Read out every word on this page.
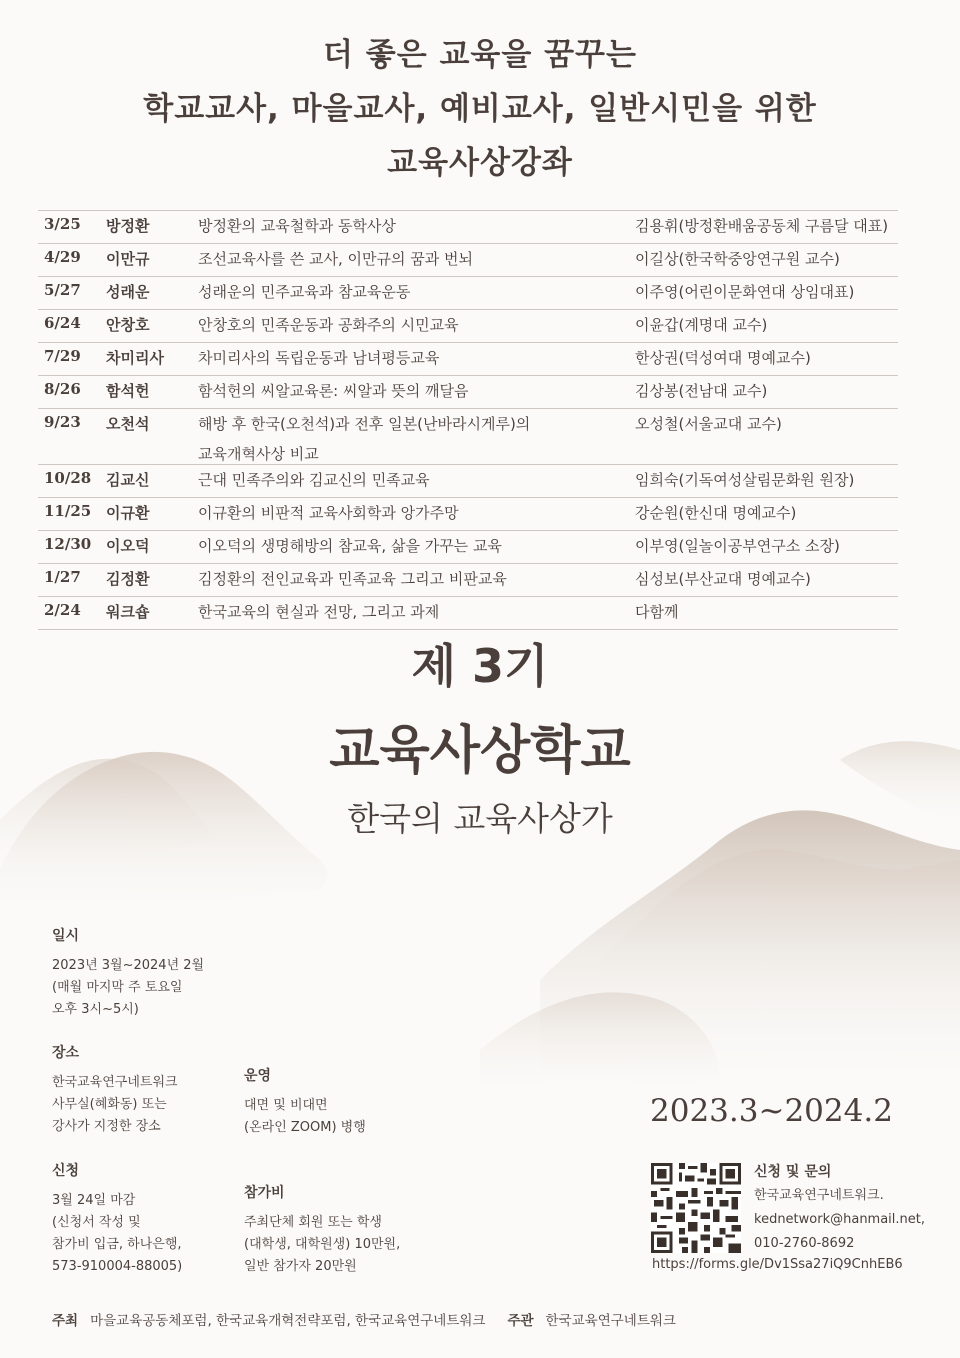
더 좋은 교육을 꿈꾸는
학교교사, 마을교사, 예비교사, 일반시민을 위한
교육사상강좌
3/25	방정환	방정환의 교육철학과 동학사상	김용휘(방정환배움공동체 구름달 대표)
4/29	이만규	조선교육사를 쓴 교사, 이만규의 꿈과 번뇌	이길상(한국학중앙연구원 교수)
5/27	성래운	성래운의 민주교육과 참교육운동	이주영(어린이문화연대 상임대표)
6/24	안창호	안창호의 민족운동과 공화주의 시민교육	이윤갑(계명대 교수)
7/29	차미리사	차미리사의 독립운동과 남녀평등교육	한상권(덕성여대 명예교수)
8/26	함석헌	함석헌의 씨알교육론: 씨알과 뜻의 깨달음	김상봉(전남대 교수)
9/23	오천석	해방 후 한국(오천석)과 전후 일본(난바라시게루)의
교육개혁사상 비교	오성철(서울교대 교수)
10/28	김교신	근대 민족주의와 김교신의 민족교육	임희숙(기독여성살림문화원 원장)
11/25	이규환	이규환의 비판적 교육사회학과 앙가주망	강순원(한신대 명예교수)
12/30	이오덕	이오덕의 생명해방의 참교육, 삶을 가꾸는 교육	이부영(일놀이공부연구소 소장)
1/27	김정환	김정환의 전인교육과 민족교육 그리고 비판교육	심성보(부산교대 명예교수)
2/24	워크숍	한국교육의 현실과 전망, 그리고 과제	다함께
제 3기
교육사상학교
한국의 교육사상가
일시
2023년 3월~2024년 2월
(매월 마지막 주 토요일
오후 3시~5시)
장소
한국교육연구네트워크
사무실(혜화동) 또는
강사가 지정한 장소
운영
대면 및 비대면
(온라인 ZOOM) 병행
신청
3월 24일 마감
(신청서 작성 및
참가비 입금, 하나은행,
573-910004-88005)
참가비
주최단체 회원 또는 학생
(대학생, 대학원생) 10만원,
일반 참가자 20만원
2023.3~2024.2
신청 및 문의
한국교육연구네트워크.
kednetwork@hanmail.net,
010-2760-8692
https://forms.gle/Dv1Ssa27iQ9CnhEB6
주최 마을교육공동체포럼, 한국교육개혁전략포럼, 한국교육연구네트워크 주관 한국교육연구네트워크
